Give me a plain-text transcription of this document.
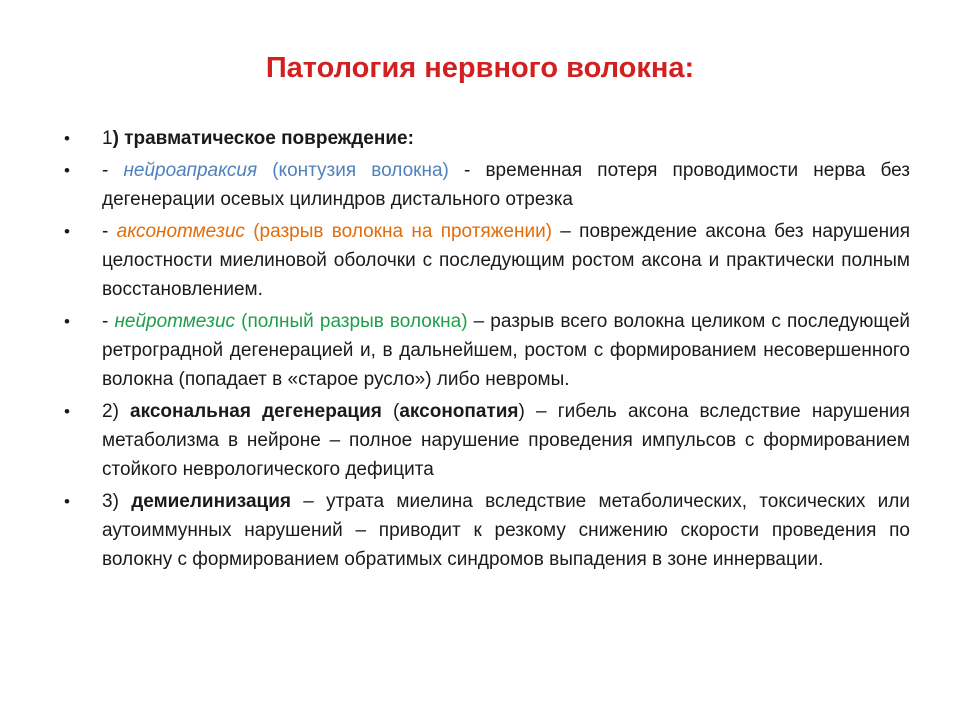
Патология нервного волокна:
• 1) травматическое повреждение:
• - нейроапраксия (контузия волокна) - временная потеря проводимости нерва без дегенерации осевых цилиндров дистального отрезка
• - аксонотмезис (разрыв волокна на протяжении) – повреждение аксона без нарушения целостности миелиновой оболочки с последующим ростом аксона и практически полным восстановлением.
• - нейротмезис (полный разрыв волокна) – разрыв всего волокна целиком с последующей ретроградной дегенерацией и, в дальнейшем, ростом с формированием несовершенного волокна (попадает в «старое русло») либо невромы.
• 2) аксональная дегенерация (аксонопатия) – гибель аксона вследствие нарушения метаболизма в нейроне – полное нарушение проведения импульсов с формированием стойкого неврологического дефицита
• 3) демиелинизация – утрата миелина вследствие метаболических, токсических или аутоиммунных нарушений – приводит к резкому снижению скорости проведения по волокну с формированием обратимых синдромов выпадения в зоне иннервации.
